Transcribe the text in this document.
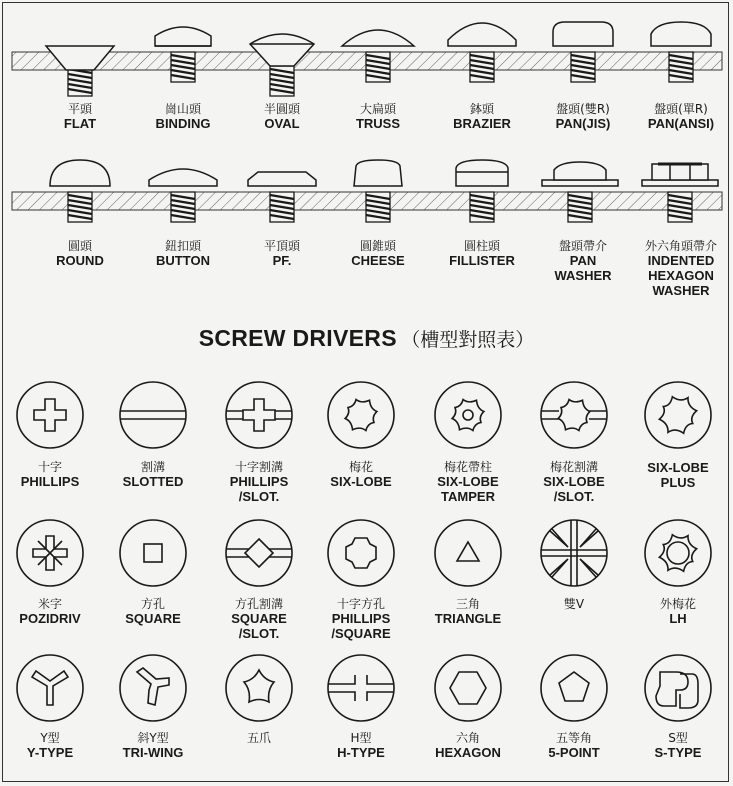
SCREW DRIVERS （槽型對照表）
平頭
FLAT
崗山頭
BINDING
半圓頭
OVAL
大扁頭
TRUSS
鉢頭
BRAZIER
盤頭(雙R)
PAN(JIS)
盤頭(單R)
PAN(ANSI)
圓頭
ROUND
鈕扣頭
BUTTON
平頂頭
PF.
圓錐頭
CHEESE
圓柱頭
FILLISTER
盤頭帶介
PAN
WASHER
外六角頭帶介
INDENTED
HEXAGON
WASHER
十字
PHILLIPS
割溝
SLOTTED
十字割溝
PHILLIPS
/SLOT.
梅花
SIX-LOBE
梅花帶柱
SIX-LOBE
TAMPER
梅花割溝
SIX-LOBE
/SLOT.
SIX-LOBE
PLUS
米字
POZIDRIV
方孔
SQUARE
方孔割溝
SQUARE
/SLOT.
十字方孔
PHILLIPS
/SQUARE
三角
TRIANGLE
雙V	外梅花
LH
Y型
Y-TYPE
斜Y型
TRI-WING
五爪	H型
H-TYPE
六角
HEXAGON
五等角
5-POINT
S型
S-TYPE
